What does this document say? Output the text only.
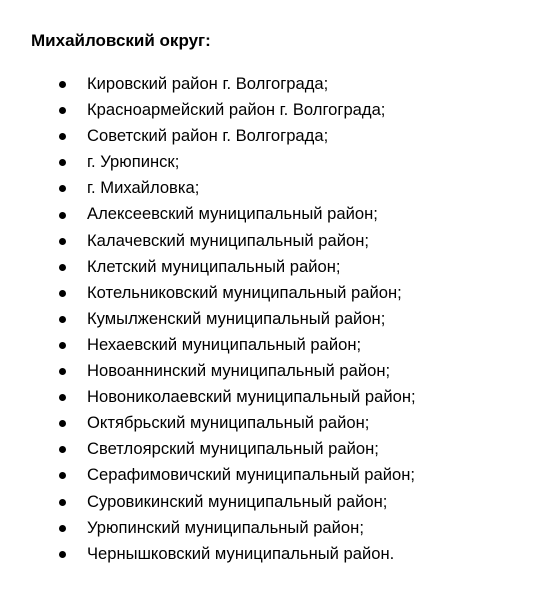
Михайловский округ:
Кировский район г. Волгограда;
Красноармейский район г. Волгограда;
Советский район г. Волгограда;
г. Урюпинск;
г. Михайловка;
Алексеевский муниципальный район;
Калачевский муниципальный район;
Клетский муниципальный район;
Котельниковский муниципальный район;
Кумылженский муниципальный район;
Нехаевский муниципальный район;
Новоаннинский муниципальный район;
Новониколаевский муниципальный район;
Октябрьский муниципальный район;
Светлоярский муниципальный район;
Серафимовичский муниципальный район;
Суровикинский муниципальный район;
Урюпинский муниципальный район;
Чернышковский муниципальный район.
